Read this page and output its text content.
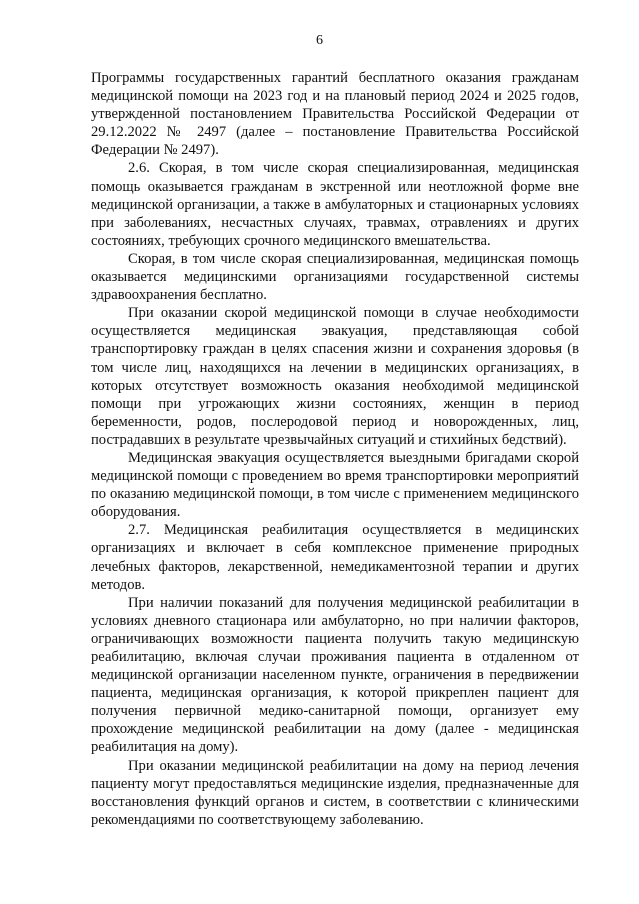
6

Программы государственных гарантий бесплатного оказания гражданам медицинской помощи на 2023 год и на плановый период 2024 и 2025 годов, утвержденной постановлением Правительства Российской Федерации от 29.12.2022 № 2497 (далее – постановление Правительства Российской Федерации № 2497).

2.6. Скорая, в том числе скорая специализированная, медицинская помощь оказывается гражданам в экстренной или неотложной форме вне медицинской организации, а также в амбулаторных и стационарных условиях при заболеваниях, несчастных случаях, травмах, отравлениях и других состояниях, требующих срочного медицинского вмешательства.

Скорая, в том числе скорая специализированная, медицинская помощь оказывается медицинскими организациями государственной системы здравоохранения бесплатно.

При оказании скорой медицинской помощи в случае необходимости осуществляется медицинская эвакуация, представляющая собой транспортировку граждан в целях спасения жизни и сохранения здоровья (в том числе лиц, находящихся на лечении в медицинских организациях, в которых отсутствует возможность оказания необходимой медицинской помощи при угрожающих жизни состояниях, женщин в период беременности, родов, послеродовой период и новорожденных, лиц, пострадавших в результате чрезвычайных ситуаций и стихийных бедствий).

Медицинская эвакуация осуществляется выездными бригадами скорой медицинской помощи с проведением во время транспортировки мероприятий по оказанию медицинской помощи, в том числе с применением медицинского оборудования.

2.7. Медицинская реабилитация осуществляется в медицинских организациях и включает в себя комплексное применение природных лечебных факторов, лекарственной, немедикаментозной терапии и других методов.

При наличии показаний для получения медицинской реабилитации в условиях дневного стационара или амбулаторно, но при наличии факторов, ограничивающих возможности пациента получить такую медицинскую реабилитацию, включая случаи проживания пациента в отдаленном от медицинской организации населенном пункте, ограничения в передвижении пациента, медицинская организация, к которой прикреплен пациент для получения первичной медико-санитарной помощи, организует ему прохождение медицинской реабилитации на дому (далее - медицинская реабилитация на дому).

При оказании медицинской реабилитации на дому на период лечения пациенту могут предоставляться медицинские изделия, предназначенные для восстановления функций органов и систем, в соответствии с клиническими рекомендациями по соответствующему заболеванию.
